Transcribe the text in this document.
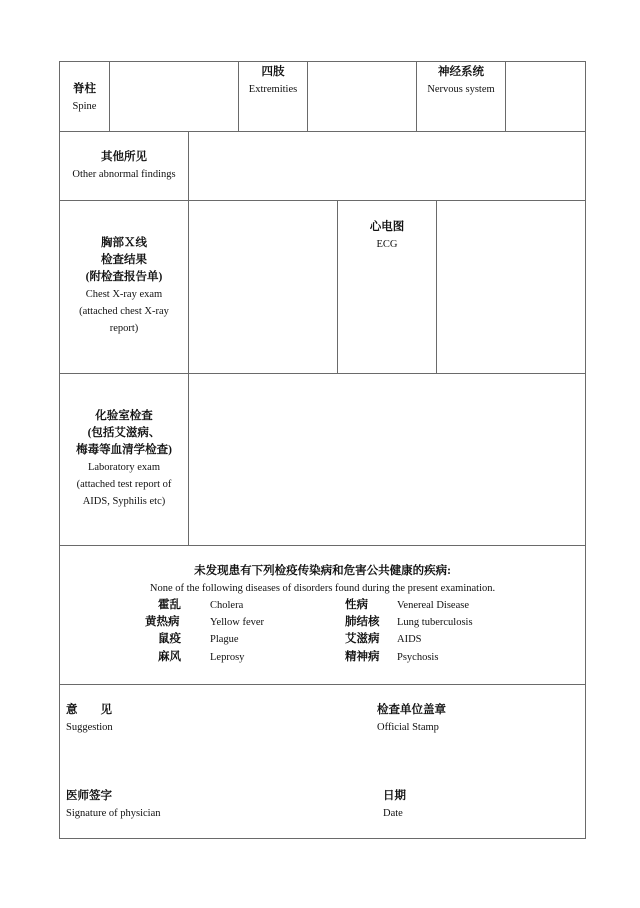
脊柱
Spine
四肢
Extremities
神经系统
Nervous system
其他所见
Other abnormal findings
胸部Ｘ线
检查结果
(附检查报告单)
Chest X-ray exam
(attached chest X-ray
report)
心电图
ECG
化验室检查
(包括艾滋病、
梅毒等血清学检查)
Laboratory exam
(attached test report of
AIDS, Syphilis etc)
未发现患有下列检疫传染病和危害公共健康的疾病:
None of the following diseases of disorders found during the present examination.
霍乱	Cholera	性病	Venereal Disease
黄热病	Yellow fever	肺结核 Lung tuberculosis
鼠疫	Plague	艾滋病 AIDS
麻风	Leprosy	精神病 Psychosis
意　　见
Suggestion
检查单位盖章
Official Stamp
医师签字
Signature of physician
日期
Date
